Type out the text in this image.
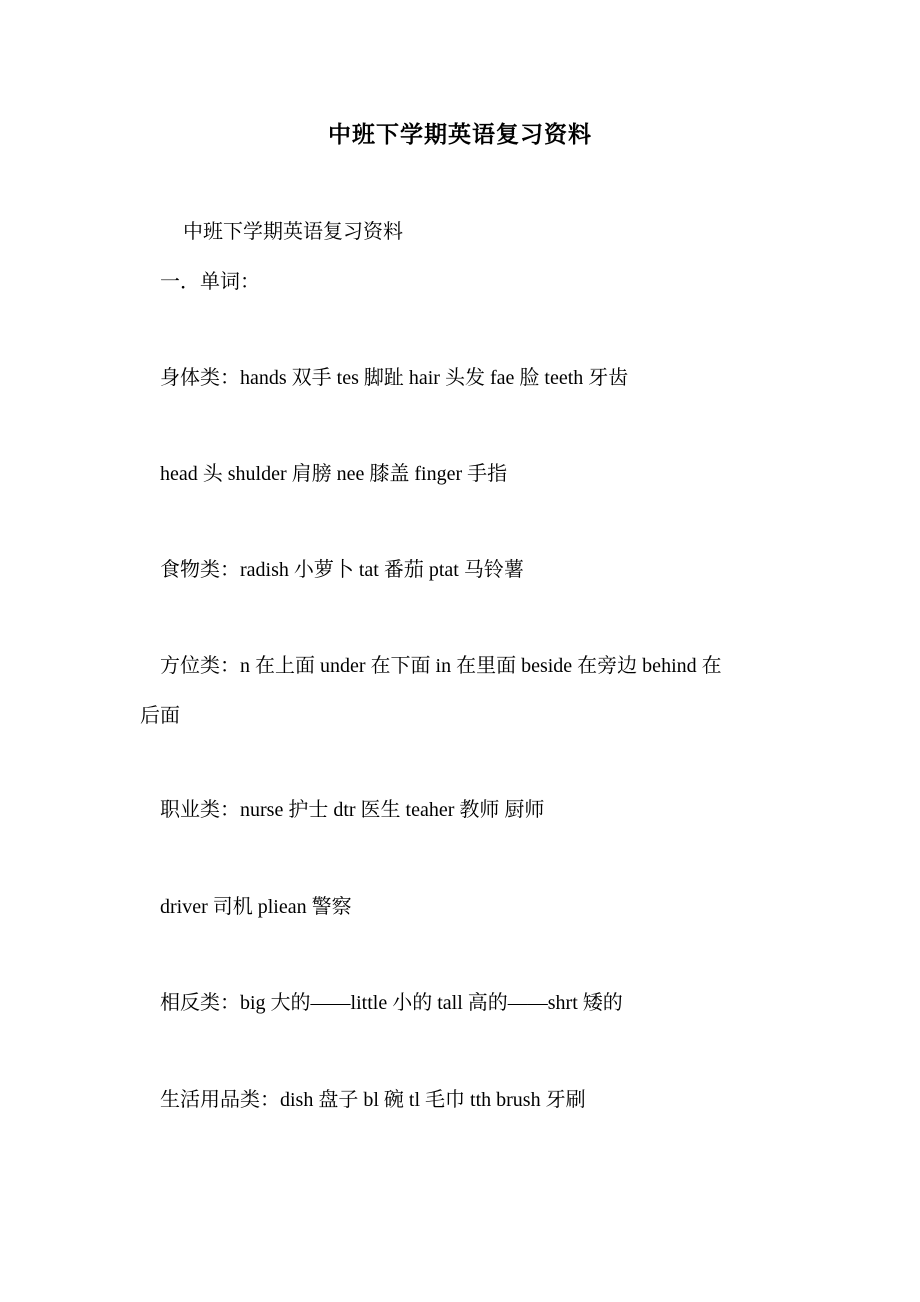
中班下学期英语复习资料
中班下学期英语复习资料
一．单词：
身体类：hands 双手 tes 脚趾 hair 头发 fae 脸 teeth 牙齿
head 头 shulder 肩膀 nee 膝盖 finger 手指
食物类：radish 小萝卜 tat 番茄 ptat 马铃薯
方位类：n 在上面 under 在下面 in 在里面 beside 在旁边 behind 在
后面
职业类：nurse 护士 dtr 医生 teaher 教师 厨师
driver 司机 pliean 警察
相反类：big 大的——little 小的 tall 高的——shrt 矮的
生活用品类：dish 盘子 bl 碗 tl 毛巾 tth brush 牙刷
